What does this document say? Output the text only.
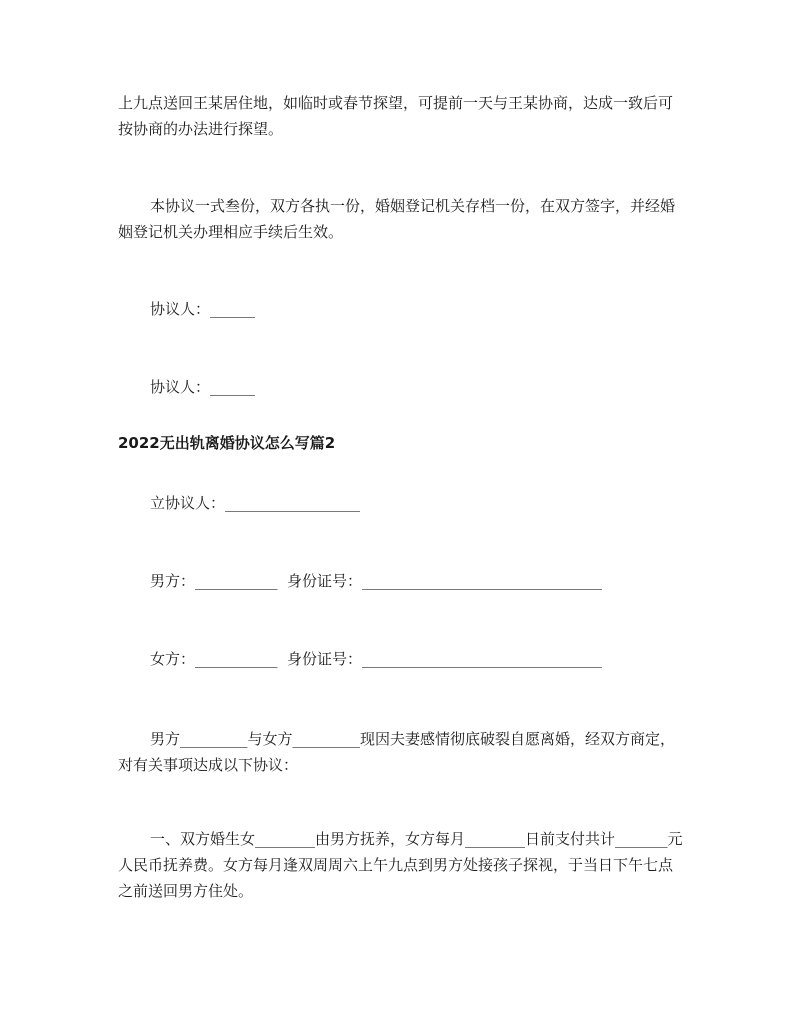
上九点送回王某居住地，如临时或春节探望，可提前一天与王某协商，达成一致后可按协商的办法进行探望。

本协议一式叁份，双方各执一份，婚姻登记机关存档一份，在双方签字，并经婚姻登记机关办理相应手续后生效。

协议人：______

协议人：______

2022无出轨离婚协议怎么写篇2

立协议人：__________________

男方：___________  身份证号：________________________________

女方：___________  身份证号：________________________________

男方_________与女方_________现因夫妻感情彻底破裂自愿离婚，经双方商定，对有关事项达成以下协议：

一、双方婚生女________由男方抚养，女方每月________日前支付共计_______元人民币抚养费。女方每月逢双周周六上午九点到男方处接孩子探视，于当日下午七点之前送回男方住处。
